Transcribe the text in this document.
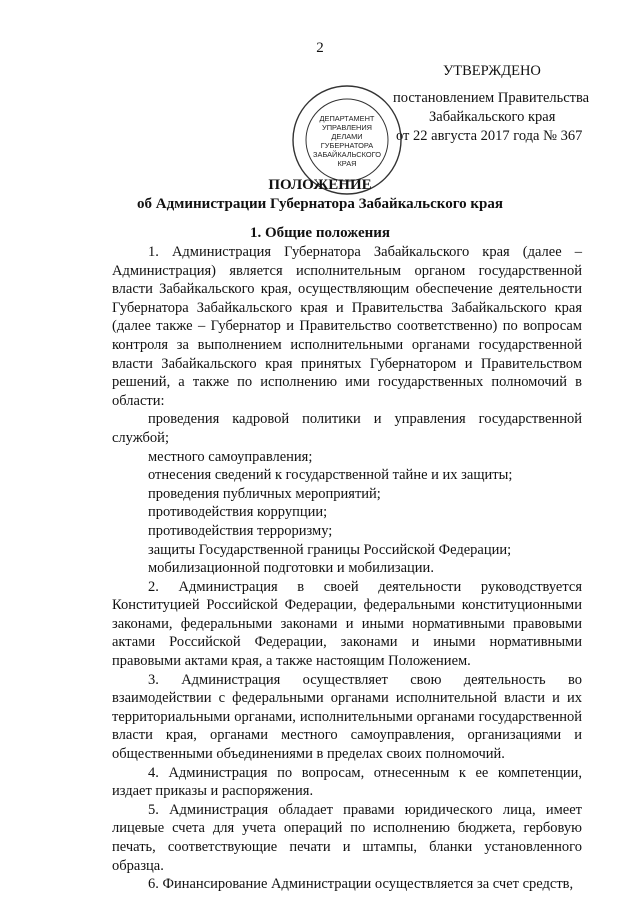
2
УТВЕРЖДЕНО
постановлением Правительства
Забайкальского края
от 22 августа 2017 года № 367
ДЕПАРТАМЕНТ
УПРАВЛЕНИЯ
ДЕЛАМИ
ГУБЕРНАТОРА
ЗАБАЙКАЛЬСКОГО
КРАЯ
ПОЛОЖЕНИЕ
об Администрации Губернатора Забайкальского края
1. Общие положения

1. Администрация Губернатора Забайкальского края (далее – Администрация) является исполнительным органом государственной власти Забайкальского края, осуществляющим обеспечение деятельности Губернатора Забайкальского края и Правительства Забайкальского края (далее также – Губернатор и Правительство соответственно) по вопросам контроля за выполнением исполнительными органами государственной власти Забайкальского края принятых Губернатором и Правительством решений, а также по исполнению ими государственных полномочий в области:

проведения кадровой политики и управления государственной службой;

местного самоуправления;

отнесения сведений к государственной тайне и их защиты;

проведения публичных мероприятий;

противодействия коррупции;

противодействия терроризму;

защиты Государственной границы Российской Федерации;

мобилизационной подготовки и мобилизации.

2. Администрация в своей деятельности руководствуется Конституцией Российской Федерации, федеральными конституционными законами, федеральными законами и иными нормативными правовыми актами Российской Федерации, законами и иными нормативными правовыми актами края, а также настоящим Положением.

3. Администрация осуществляет свою деятельность во взаимодействии с федеральными органами исполнительной власти и их территориальными органами, исполнительными органами государственной власти края, органами местного самоуправления, организациями и общественными объединениями в пределах своих полномочий.

4. Администрация по вопросам, отнесенным к ее компетенции, издает приказы и распоряжения.

5. Администрация обладает правами юридического лица, имеет лицевые счета для учета операций по исполнению бюджета, гербовую печать, соответствующие печати и штампы, бланки установленного образца.

6. Финансирование Администрации осуществляется за счет средств,
